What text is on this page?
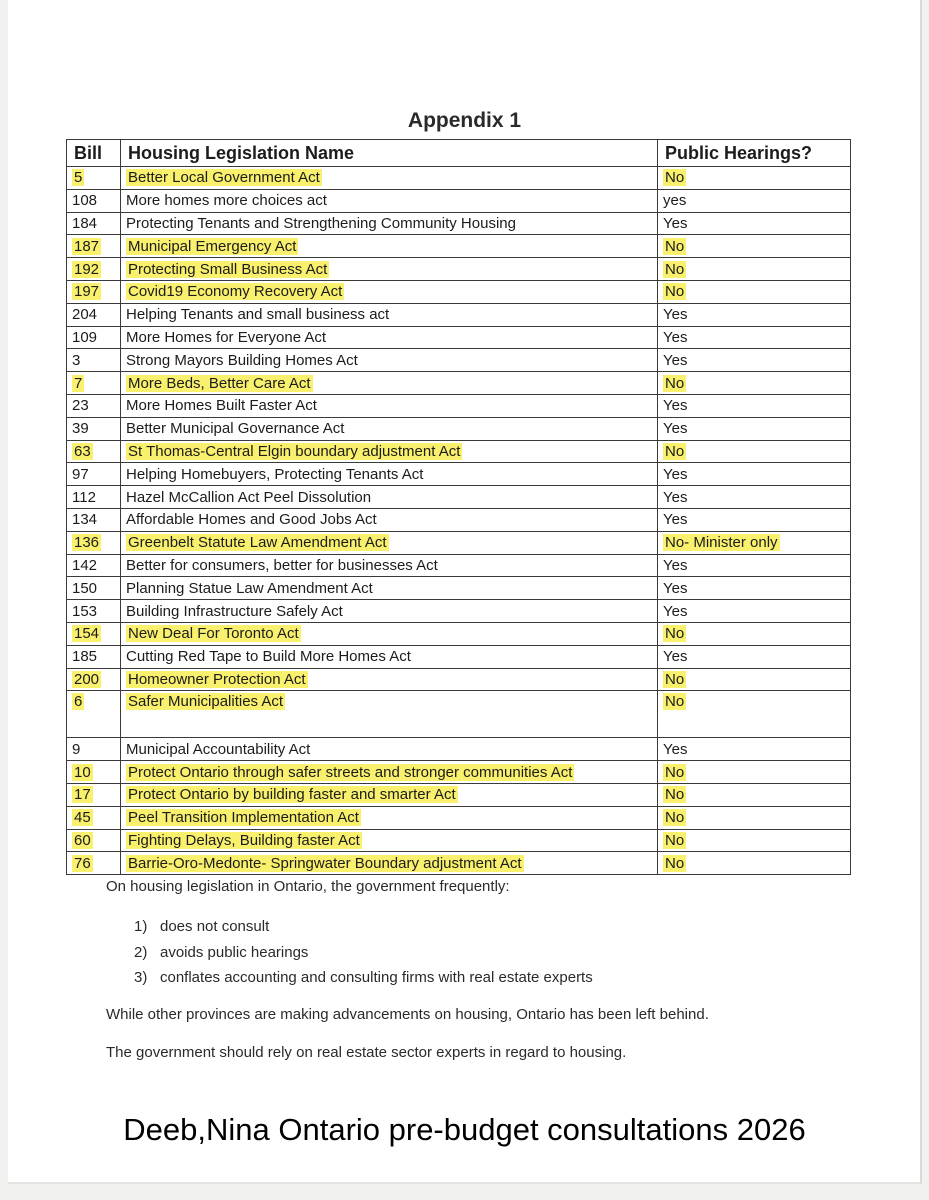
Appendix 1
Bill	Housing Legislation Name	Public Hearings?
5	Better Local Government Act	No
108	More homes more choices act	yes
184	Protecting Tenants and Strengthening Community Housing	Yes
187	Municipal Emergency Act	No
192	Protecting Small Business Act	No
197	Covid19 Economy Recovery Act	No
204	Helping Tenants and small business act	Yes
109	More Homes for Everyone Act	Yes
3	Strong Mayors Building Homes Act	Yes
7	More Beds, Better Care Act	No
23	More Homes Built Faster Act	Yes
39	Better Municipal Governance Act	Yes
63	St Thomas-Central Elgin boundary adjustment Act	No
97	Helping Homebuyers, Protecting Tenants Act	Yes
112	Hazel McCallion Act Peel Dissolution	Yes
134	Affordable Homes and Good Jobs Act	Yes
136	Greenbelt Statute Law Amendment Act	No- Minister only
142	Better for consumers, better for businesses Act	Yes
150	Planning Statue Law Amendment Act	Yes
153	Building Infrastructure Safely Act	Yes
154	New Deal For Toronto Act	No
185	Cutting Red Tape to Build More Homes Act	Yes
200	Homeowner Protection Act	No
6	Safer Municipalities Act	No
9	Municipal Accountability Act	Yes
10	Protect Ontario through safer streets and stronger communities Act	No
17	Protect Ontario by building faster and smarter Act	No
45	Peel Transition Implementation Act	No
60	Fighting Delays, Building faster Act	No
76	Barrie-Oro-Medonte- Springwater Boundary adjustment Act	No

On housing legislation in Ontario, the government frequently:

1) does not consult
2) avoids public hearings
3) conflates accounting and consulting firms with real estate experts

While other provinces are making advancements on housing, Ontario has been left behind.

The government should rely on real estate sector experts in regard to housing.

Deeb,Nina Ontario pre-budget consultations 2026
